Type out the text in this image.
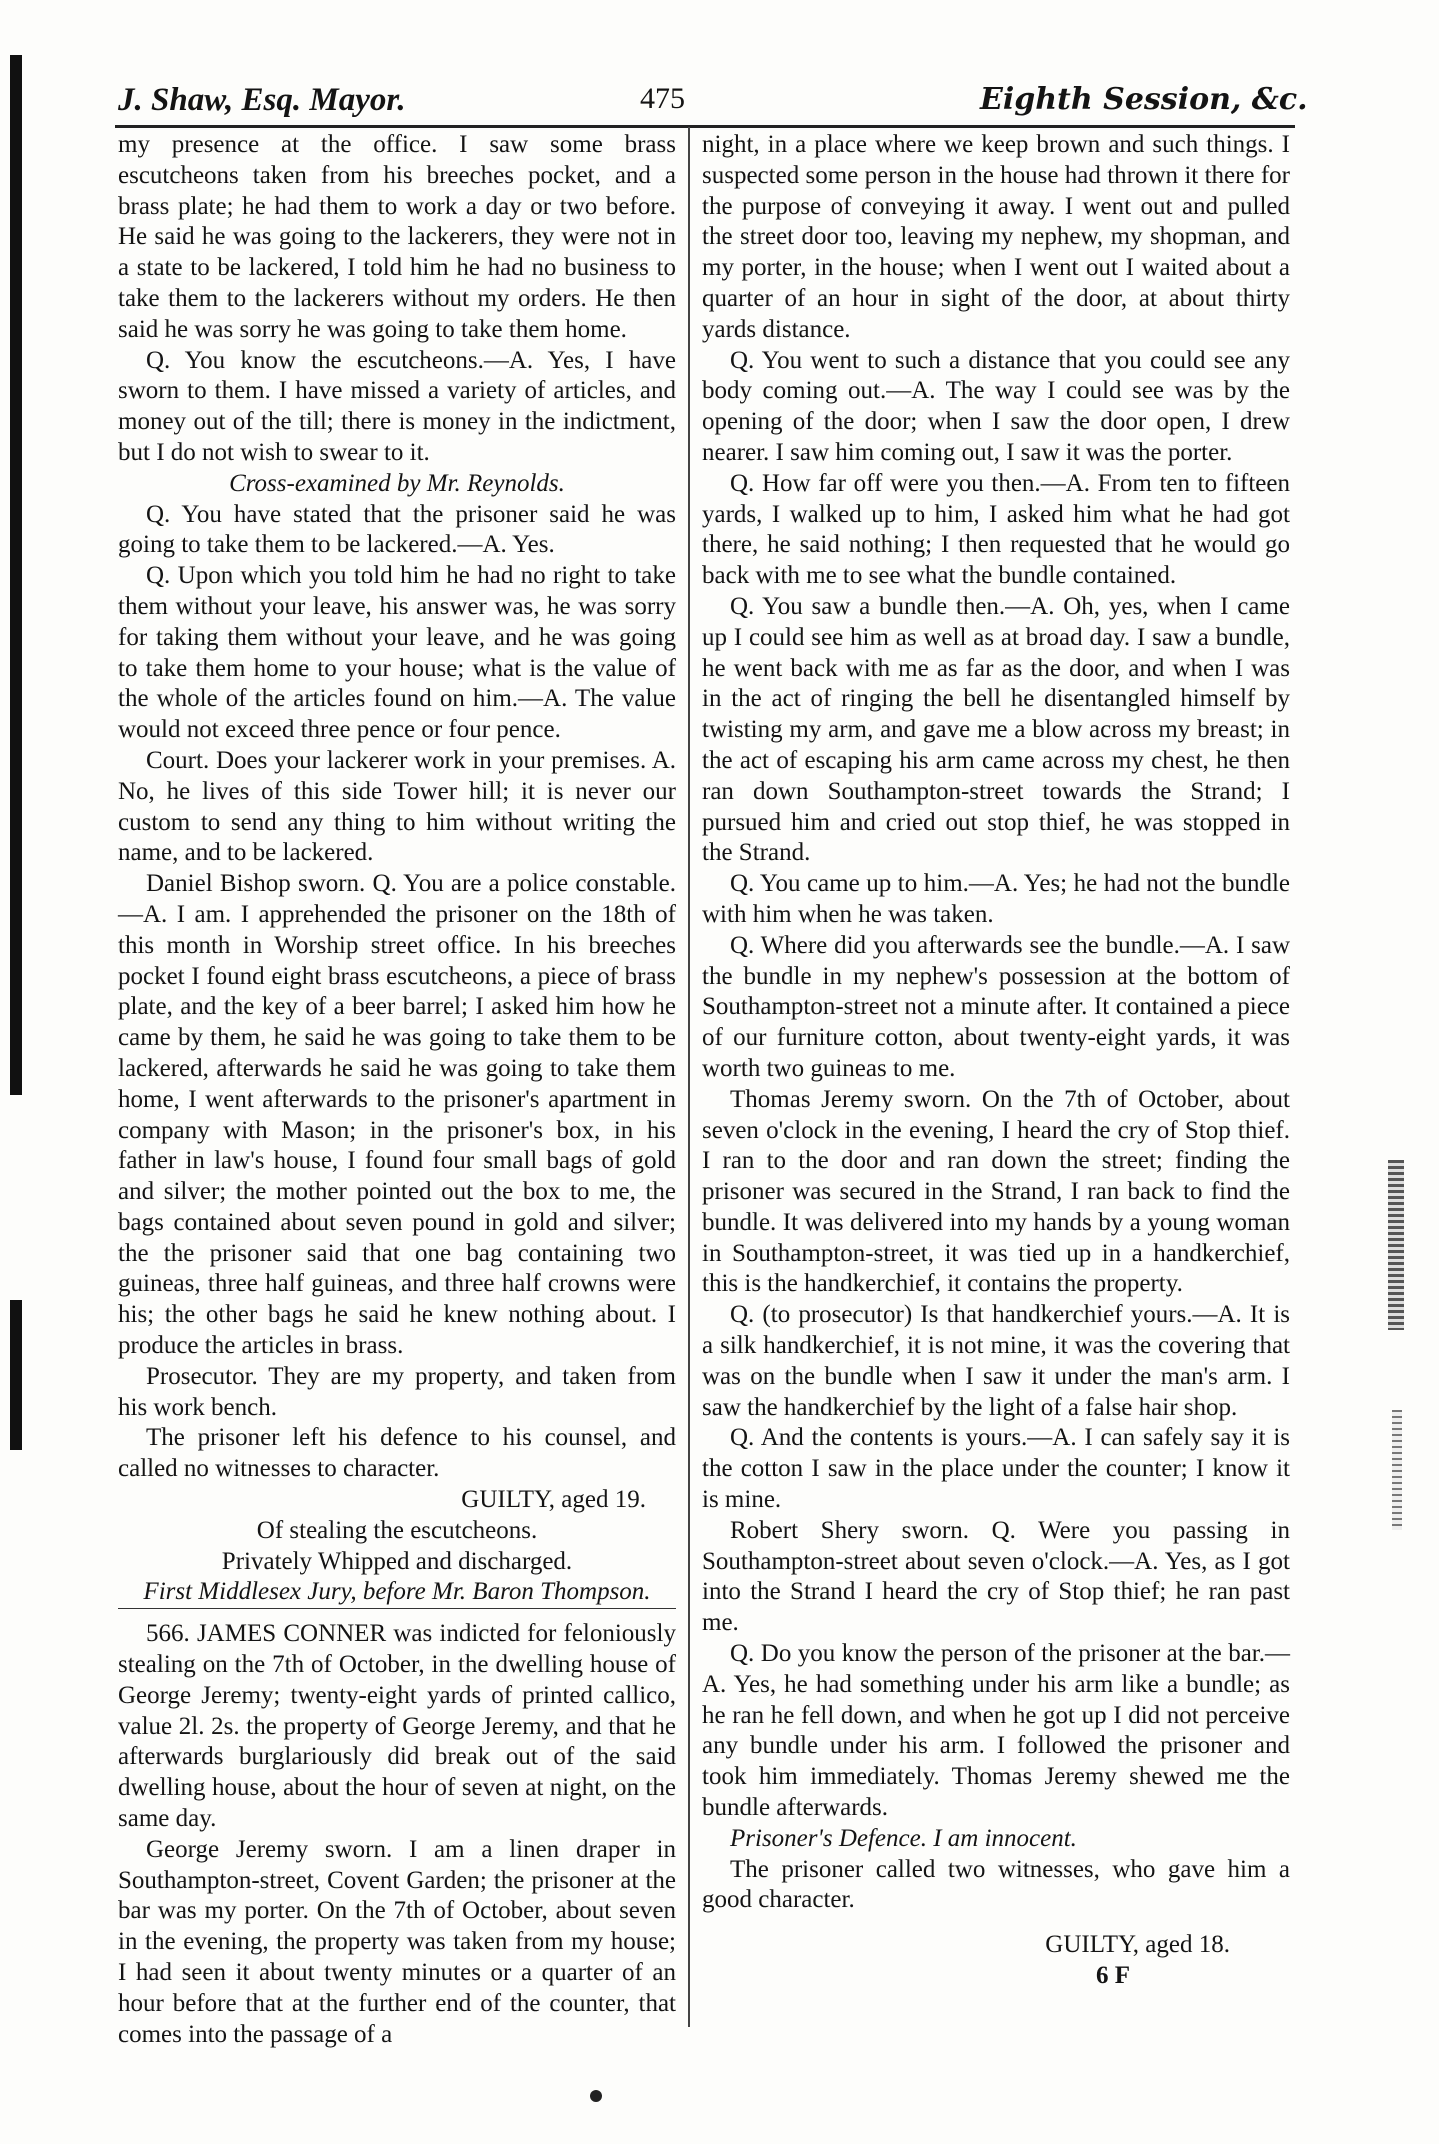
J. Shaw, Esq. Mayor.	475	Eighth Session, &c.

my presence at the office. I saw some brass escutcheons taken from his breeches pocket, and a brass plate; he had them to work a day or two before. He said he was going to the lackerers, they were not in a state to be lackered, I told him he had no business to take them to the lackerers without my orders. He then said he was sorry he was going to take them home.

Q. You know the escutcheons.—A. Yes, I have sworn to them. I have missed a variety of articles, and money out of the till; there is money in the indictment, but I do not wish to swear to it.

Cross-examined by Mr. Reynolds.

Q. You have stated that the prisoner said he was going to take them to be lackered.—A. Yes.

Q. Upon which you told him he had no right to take them without your leave, his answer was, he was sorry for taking them without your leave, and he was going to take them home to your house; what is the value of the whole of the articles found on him.—A. The value would not exceed three pence or four pence.

Court. Does your lackerer work in your premises. A. No, he lives of this side Tower hill; it is never our custom to send any thing to him without writing the name, and to be lackered.

Daniel Bishop sworn. Q. You are a police constable.—A. I am. I apprehended the prisoner on the 18th of this month in Worship street office. In his breeches pocket I found eight brass escutcheons, a piece of brass plate, and the key of a beer barrel; I asked him how he came by them, he said he was going to take them to be lackered, afterwards he said he was going to take them home, I went afterwards to the prisoner's apartment in company with Mason; in the prisoner's box, in his father in law's house, I found four small bags of gold and silver; the mother pointed out the box to me, the bags contained about seven pound in gold and silver; the the prisoner said that one bag containing two guineas, three half guineas, and three half crowns were his; the other bags he said he knew nothing about. I produce the articles in brass.

Prosecutor. They are my property, and taken from his work bench.

The prisoner left his defence to his counsel, and called no witnesses to character.

GUILTY, aged 19.

Of stealing the escutcheons.

Privately Whipped and discharged.

First Middlesex Jury, before Mr. Baron Thompson.

566. JAMES CONNER was indicted for feloniously stealing on the 7th of October, in the dwelling house of George Jeremy; twenty-eight yards of printed callico, value 2l. 2s. the property of George Jeremy, and that he afterwards burglariously did break out of the said dwelling house, about the hour of seven at night, on the same day.

George Jeremy sworn. I am a linen draper in Southampton-street, Covent Garden; the prisoner at the bar was my porter. On the 7th of October, about seven in the evening, the property was taken from my house; I had seen it about twenty minutes or a quarter of an hour before that at the further end of the counter, that comes into the passage of a

night, in a place where we keep brown and such things. I suspected some person in the house had thrown it there for the purpose of conveying it away. I went out and pulled the street door too, leaving my nephew, my shopman, and my porter, in the house; when I went out I waited about a quarter of an hour in sight of the door, at about thirty yards distance.

Q. You went to such a distance that you could see any body coming out.—A. The way I could see was by the opening of the door; when I saw the door open, I drew nearer. I saw him coming out, I saw it was the porter.

Q. How far off were you then.—A. From ten to fifteen yards, I walked up to him, I asked him what he had got there, he said nothing; I then requested that he would go back with me to see what the bundle contained.

Q. You saw a bundle then.—A. Oh, yes, when I came up I could see him as well as at broad day. I saw a bundle, he went back with me as far as the door, and when I was in the act of ringing the bell he disentangled himself by twisting my arm, and gave me a blow across my breast; in the act of escaping his arm came across my chest, he then ran down Southampton-street towards the Strand; I pursued him and cried out stop thief, he was stopped in the Strand.

Q. You came up to him.—A. Yes; he had not the bundle with him when he was taken.

Q. Where did you afterwards see the bundle.—A. I saw the bundle in my nephew's possession at the bottom of Southampton-street not a minute after. It contained a piece of our furniture cotton, about twenty-eight yards, it was worth two guineas to me.

Thomas Jeremy sworn. On the 7th of October, about seven o'clock in the evening, I heard the cry of Stop thief. I ran to the door and ran down the street; finding the prisoner was secured in the Strand, I ran back to find the bundle. It was delivered into my hands by a young woman in Southampton-street, it was tied up in a handkerchief, this is the handkerchief, it contains the property.

Q. (to prosecutor) Is that handkerchief yours.—A. It is a silk handkerchief, it is not mine, it was the covering that was on the bundle when I saw it under the man's arm. I saw the handkerchief by the light of a false hair shop.

Q. And the contents is yours.—A. I can safely say it is the cotton I saw in the place under the counter; I know it is mine.

Robert Shery sworn. Q. Were you passing in Southampton-street about seven o'clock.—A. Yes, as I got into the Strand I heard the cry of Stop thief; he ran past me.

Q. Do you know the person of the prisoner at the bar.—A. Yes, he had something under his arm like a bundle; as he ran he fell down, and when he got up I did not perceive any bundle under his arm. I followed the prisoner and took him immediately. Thomas Jeremy shewed me the bundle afterwards.

Prisoner's Defence. I am innocent.

The prisoner called two witnesses, who gave him a good character.

GUILTY, aged 18.

6 F
